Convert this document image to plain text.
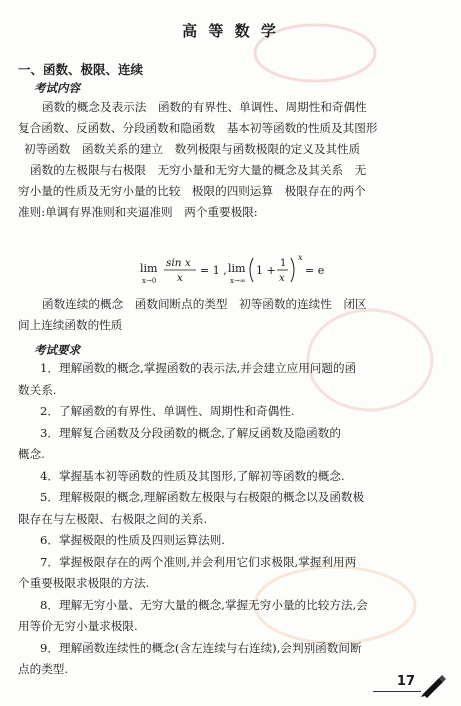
高 等 数 学
一、函数、极限、连续
考试内容
函数的概念及表示法　函数的有界性、单调性、周期性和奇偶性
复合函数、反函数、分段函数和隐函数　基本初等函数的性质及其图形
初等函数　函数关系的建立　数列极限与函数极限的定义及其性质
函数的左极限与右极限　无穷小量和无穷大量的概念及其关系　无
穷小量的性质及无穷小量的比较　极限的四则运算　极限存在的两个
准则:单调有界准则和夹逼准则　两个重要极限:
lim
x→0
sin x
x
= 1 , lim
x→∞
1 +
1
x
x
= e
函数连续的概念　函数间断点的类型　初等函数的连续性　闭区
间上连续函数的性质
考试要求
1．理解函数的概念,掌握函数的表示法,并会建立应用问题的函
数关系.
2．了解函数的有界性、单调性、周期性和奇偶性.
3．理解复合函数及分段函数的概念,了解反函数及隐函数的
概念.
4．掌握基本初等函数的性质及其图形,了解初等函数的概念.
5．理解极限的概念,理解函数左极限与右极限的概念以及函数极
限存在与左极限、右极限之间的关系.
6．掌握极限的性质及四则运算法则.
7．掌握极限存在的两个准则,并会利用它们求极限,掌握利用两
个重要极限求极限的方法.
8．理解无穷小量、无穷大量的概念,掌握无穷小量的比较方法,会
用等价无穷小量求极限.
9．理解函数连续性的概念(含左连续与右连续),会判别函数间断
点的类型.
17
